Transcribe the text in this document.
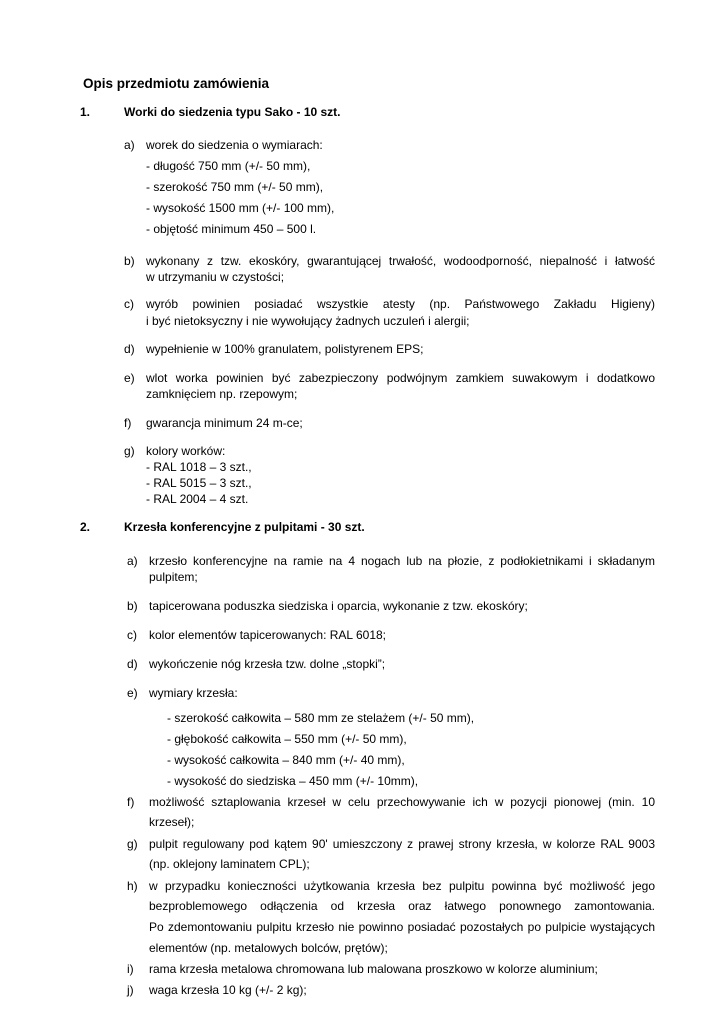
Opis przedmiotu zamówienia
1.	Worki do siedzenia typu Sako - 10 szt.
a) worek do siedzenia o wymiarach:
- długość 750 mm (+/- 50 mm),
- szerokość 750 mm (+/- 50 mm),
- wysokość 1500 mm (+/- 100 mm),
- objętość minimum 450 – 500 l.
b) wykonany z tzw. ekoskóry, gwarantującej trwałość, wodoodporność, niepalność i łatwość
w utrzymaniu w czystości;
c) wyrób powinien posiadać wszystkie atesty (np. Państwowego Zakładu Higieny)
i być nietoksyczny i nie wywołujący żadnych uczuleń i alergii;
d) wypełnienie w 100% granulatem, polistyrenem EPS;
e) wlot worka powinien być zabezpieczony podwójnym zamkiem suwakowym i dodatkowo
zamknięciem np. rzepowym;
f) gwarancja minimum 24 m-ce;
g) kolory worków:
- RAL 1018 – 3 szt.,
- RAL 5015 – 3 szt.,
- RAL 2004 – 4 szt.
2.	Krzesła konferencyjne z pulpitami - 30 szt.
a) krzesło konferencyjne na ramie na 4 nogach lub na płozie, z podłokietnikami i składanym
pulpitem;
b) tapicerowana poduszka siedziska i oparcia, wykonanie z tzw. ekoskóry;
c) kolor elementów tapicerowanych: RAL 6018;
d) wykończenie nóg krzesła tzw. dolne „stopki”;
e) wymiary krzesła:
- szerokość całkowita – 580 mm ze stelażem (+/- 50 mm),
- głębokość całkowita – 550 mm (+/- 50 mm),
- wysokość całkowita – 840 mm (+/- 40 mm),
- wysokość do siedziska – 450 mm (+/- 10mm),
f) możliwość sztaplowania krzeseł w celu przechowywanie ich w pozycji pionowej (min. 10
krzeseł);
g) pulpit regulowany pod kątem 90' umieszczony z prawej strony krzesła, w kolorze RAL 9003
(np. oklejony laminatem CPL);
h) w przypadku konieczności użytkowania krzesła bez pulpitu powinna być możliwość jego
bezproblemowego odłączenia od krzesła oraz łatwego ponownego zamontowania.
Po zdemontowaniu pulpitu krzesło nie powinno posiadać pozostałych po pulpicie wystających
elementów (np. metalowych bolców, prętów);
i) rama krzesła metalowa chromowana lub malowana proszkowo w kolorze aluminium;
j) waga krzesła 10 kg (+/- 2 kg);
